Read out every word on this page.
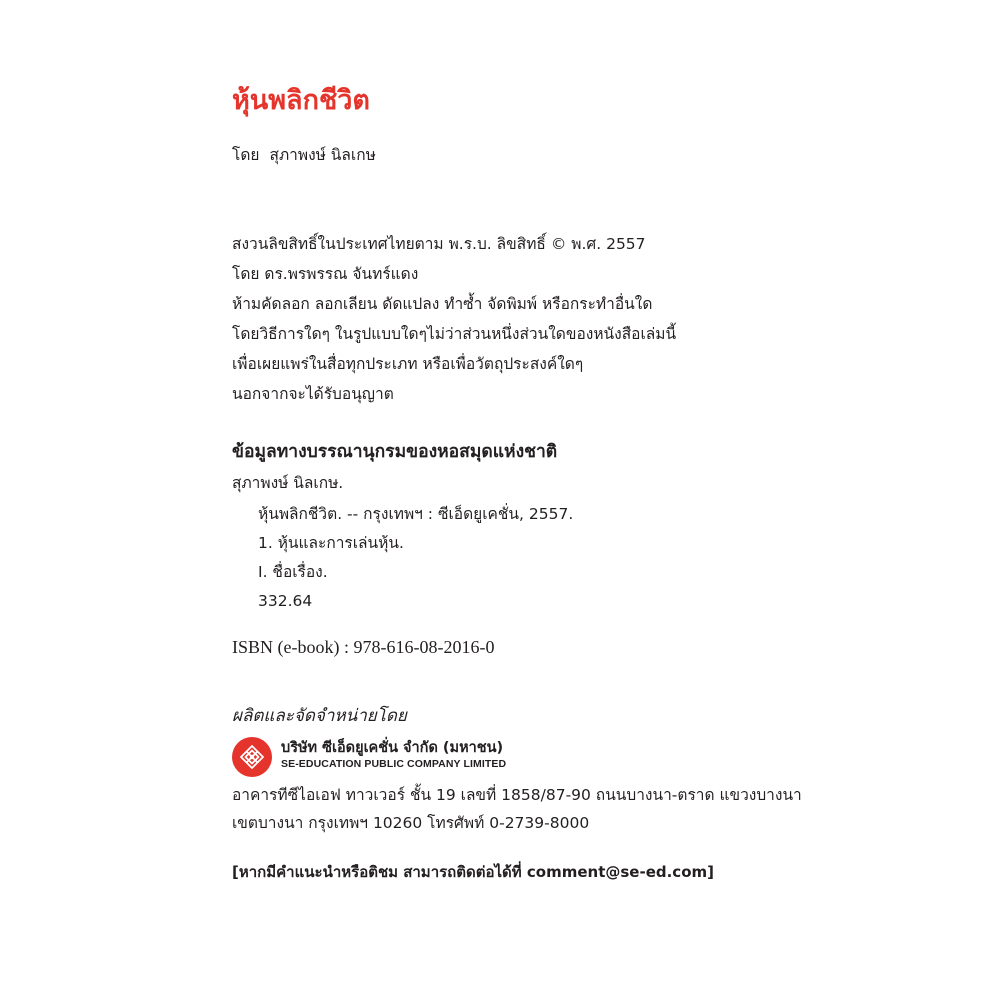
หุ้นพลิกชีวิต
โดย สุภาพงษ์ นิลเกษ
สงวนลิขสิทธิ์ในประเทศไทยตาม พ.ร.บ. ลิขสิทธิ์ © พ.ศ. 2557
โดย ดร.พรพรรณ จันทร์แดง
ห้ามคัดลอก ลอกเลียน ดัดแปลง ทำซ้ำ จัดพิมพ์ หรือกระทำอื่นใด
โดยวิธีการใดๆ ในรูปแบบใดๆไม่ว่าส่วนหนึ่งส่วนใดของหนังสือเล่มนี้
เพื่อเผยแพร่ในสื่อทุกประเภท หรือเพื่อวัตถุประสงค์ใดๆ
นอกจากจะได้รับอนุญาต
ข้อมูลทางบรรณานุกรมของหอสมุดแห่งชาติ
สุภาพงษ์ นิลเกษ.
หุ้นพลิกชีวิต. -- กรุงเทพฯ : ซีเอ็ดยูเคชั่น, 2557.
1. หุ้นและการเล่นหุ้น.
I. ชื่อเรื่อง.
332.64
ISBN (e-book) : 978-616-08-2016-0
ผลิตและจัดจำหน่ายโดย
บริษัท ซีเอ็ดยูเคชั่น จำกัด (มหาชน)
SE-EDUCATION PUBLIC COMPANY LIMITED
อาคารทีซีไอเอฟ ทาวเวอร์ ชั้น 19 เลขที่ 1858/87-90 ถนนบางนา-ตราด แขวงบางนา
เขตบางนา กรุงเทพฯ 10260 โทรศัพท์ 0-2739-8000
[หากมีคำแนะนำหรือติชม สามารถติดต่อได้ที่ comment@se-ed.com]
